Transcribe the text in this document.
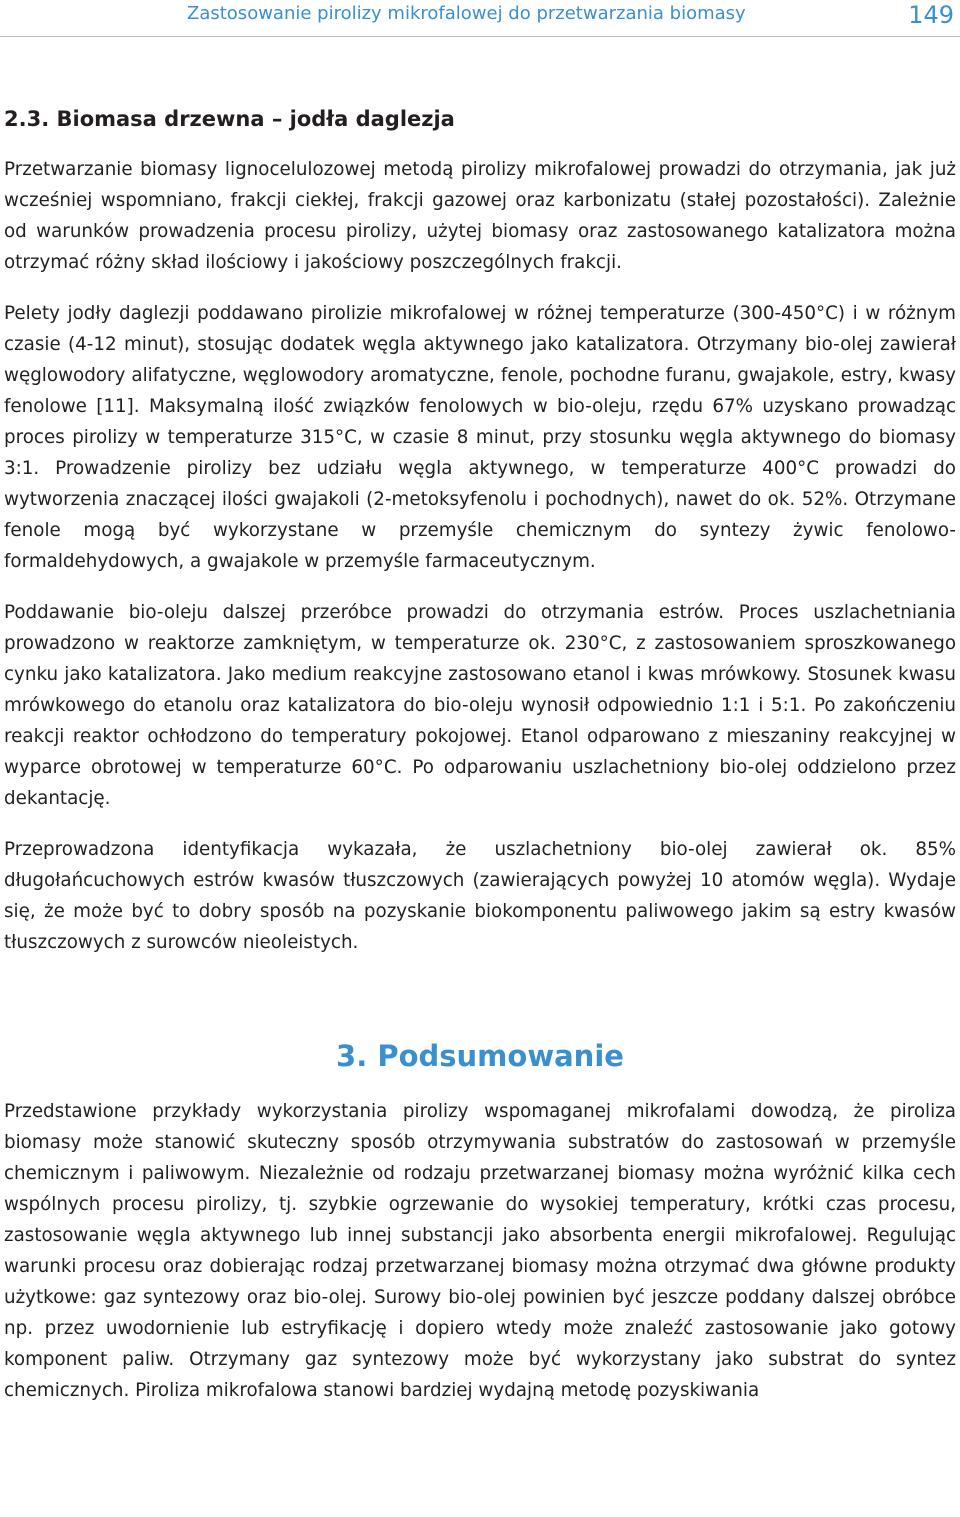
Zastosowanie pirolizy mikrofalowej do przetwarzania biomasy	149
2.3. Biomasa drzewna – jodła daglezja

Przetwarzanie biomasy lignocelulozowej metodą pirolizy mikrofalowej prowadzi do otrzymania, jak już wcześniej wspomniano, frakcji ciekłej, frakcji gazowej oraz karbonizatu (stałej pozostałości). Zależnie od warunków prowadzenia procesu pirolizy, użytej biomasy oraz zastosowanego katalizatora można otrzymać różny skład ilościowy i jakościowy poszczególnych frakcji.

Pelety jodły daglezji poddawano pirolizie mikrofalowej w różnej temperaturze (300-450°C) i w różnym czasie (4-12 minut), stosując dodatek węgla aktywnego jako katalizatora. Otrzymany bio-olej zawierał węglowodory alifatyczne, węglowodory aromatyczne, fenole, pochodne furanu, gwajakole, estry, kwasy fenolowe [11]. Maksymalną ilość związków fenolowych w bio-oleju, rzędu 67% uzyskano prowadząc proces pirolizy w temperaturze 315°C, w czasie 8 minut, przy stosunku węgla aktywnego do biomasy 3:1. Prowadzenie pirolizy bez udziału węgla aktywnego, w temperaturze 400°C prowadzi do wytworzenia znaczącej ilości gwajakoli (2-metoksyfenolu i pochodnych), nawet do ok. 52%. Otrzymane fenole mogą być wykorzystane w przemyśle chemicznym do syntezy żywic fenolowo-formaldehydowych, a gwajakole w przemyśle farmaceutycznym.

Poddawanie bio-oleju dalszej przeróbce prowadzi do otrzymania estrów. Proces uszlachetniania prowadzono w reaktorze zamkniętym, w temperaturze ok. 230°C, z zastosowaniem sproszkowanego cynku jako katalizatora. Jako medium reakcyjne zastosowano etanol i kwas mrówkowy. Stosunek kwasu mrówkowego do etanolu oraz katalizatora do bio-oleju wynosił odpowiednio 1:1 i 5:1. Po zakończeniu reakcji reaktor ochłodzono do temperatury pokojowej. Etanol odparowano z mieszaniny reakcyjnej w wyparce obrotowej w temperaturze 60°C. Po odparowaniu uszlachetniony bio-olej oddzielono przez dekantację.

Przeprowadzona identyfikacja wykazała, że uszlachetniony bio-olej zawierał ok. 85% długołańcuchowych estrów kwasów tłuszczowych (zawierających powyżej 10 atomów węgla). Wydaje się, że może być to dobry sposób na pozyskanie biokomponentu paliwowego jakim są estry kwasów tłuszczowych z surowców nieoleistych.

3. Podsumowanie

Przedstawione przykłady wykorzystania pirolizy wspomaganej mikrofalami dowodzą, że piroliza biomasy może stanowić skuteczny sposób otrzymywania substratów do zastosowań w przemyśle chemicznym i paliwowym. Niezależnie od rodzaju przetwarzanej biomasy można wyróżnić kilka cech wspólnych procesu pirolizy, tj. szybkie ogrzewanie do wysokiej temperatury, krótki czas procesu, zastosowanie węgla aktywnego lub innej substancji jako absorbenta energii mikrofalowej. Regulując warunki procesu oraz dobierając rodzaj przetwarzanej biomasy można otrzymać dwa główne produkty użytkowe: gaz syntezowy oraz bio-olej. Surowy bio-olej powinien być jeszcze poddany dalszej obróbce np. przez uwodornienie lub estryfikację i dopiero wtedy może znaleźć zastosowanie jako gotowy komponent paliw. Otrzymany gaz syntezowy może być wykorzystany jako substrat do syntez chemicznych. Piroliza mikrofalowa stanowi bardziej wydajną metodę pozyskiwania
